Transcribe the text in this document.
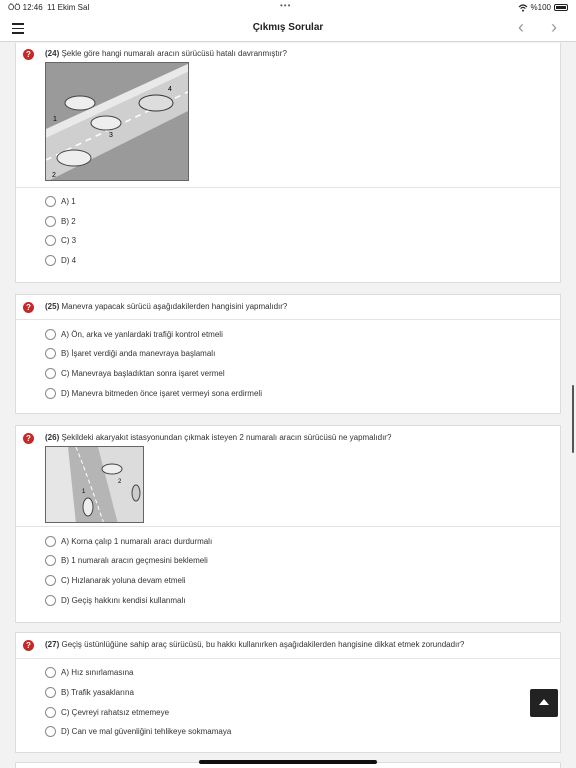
ÖÖ 12:46 11 Ekim Sal	•••	%100
Çıkmış Sorular	‹ ›
?	(24) Şekle göre hangi numaralı aracın sürücüsü hatalı davranmıştır?
1
2
3
4
A) 1
B) 2
C) 3
D) 4
?	(25) Manevra yapacak sürücü aşağıdakilerden hangisini yapmalıdır?
A) Ön, arka ve yanlardaki trafiği kontrol etmeli
B) İşaret verdiği anda manevraya başlamalı
C) Manevraya başladıktan sonra işaret vermel
D) Manevra bitmeden önce işaret vermeyi sona erdirmeli
?	(26) Şekildeki akaryakıt istasyonundan çıkmak isteyen 2 numaralı aracın sürücüsü ne yapmalıdır?
2
1
A) Korna çalıp 1 numaralı aracı durdurmalı
B) 1 numaralı aracın geçmesini beklemeli
C) Hızlanarak yoluna devam etmeli
D) Geçiş hakkını kendisi kullanmalı
?	(27) Geçiş üstünlüğüne sahip araç sürücüsü, bu hakkı kullanırken aşağıdakilerden hangisine dikkat etmek zorundadır?
A) Hız sınırlamasına
B) Trafik yasaklarına
C) Çevreyi rahatsız etmemeye
D) Can ve mal güvenliğini tehlikeye sokmamaya
